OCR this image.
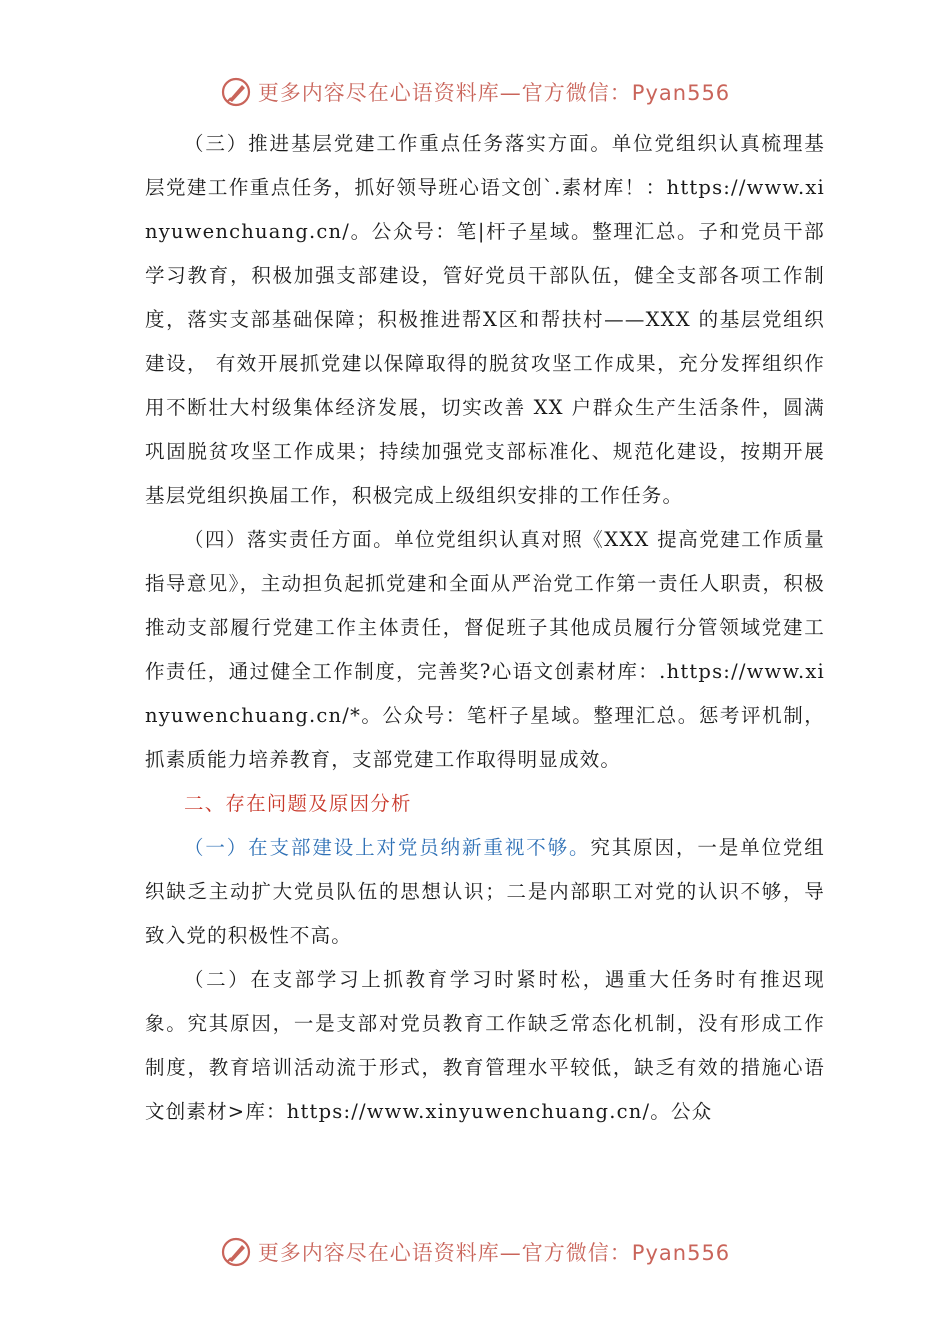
更多内容尽在心语资料库—官方微信：Pyan556

（三）推进基层党建工作重点任务落实方面。单位党组织认真梳理基层党建工作重点任务，抓好领导班心语文创`.素材库！：https://www.xinyuwenchuang.cn/。公众号：笔|杆子星域。整理汇总。子和党员干部学习教育，积极加强支部建设，管好党员干部队伍，健全支部各项工作制度，落实支部基础保障；积极推进帮X区和帮扶村——XXX 的基层党组织建设， 有效开展抓党建以保障取得的脱贫攻坚工作成果，充分发挥组织作用不断壮大村级集体经济发展，切实改善 XX 户群众生产生活条件，圆满巩固脱贫攻坚工作成果；持续加强党支部标准化、规范化建设，按期开展基层党组织换届工作，积极完成上级组织安排的工作任务。

（四）落实责任方面。单位党组织认真对照《XXX 提高党建工作质量指导意见》，主动担负起抓党建和全面从严治党工作第一责任人职责，积极推动支部履行党建工作主体责任，督促班子其他成员履行分管领域党建工作责任，通过健全工作制度，完善奖?心语文创素材库：.https://www.xinyuwenchuang.cn/*。公众号：笔杆子星域。整理汇总。惩考评机制，抓素质能力培养教育，支部党建工作取得明显成效。

二、存在问题及原因分析

（一）在支部建设上对党员纳新重视不够。究其原因，一是单位党组织缺乏主动扩大党员队伍的思想认识；二是内部职工对党的认识不够，导致入党的积极性不高。

（二）在支部学习上抓教育学习时紧时松，遇重大任务时有推迟现象。究其原因，一是支部对党员教育工作缺乏常态化机制，没有形成工作制度，教育培训活动流于形式，教育管理水平较低，缺乏有效的措施心语文创素材>库：https://www.xinyuwenchuang.cn/。公众

更多内容尽在心语资料库—官方微信：Pyan556
